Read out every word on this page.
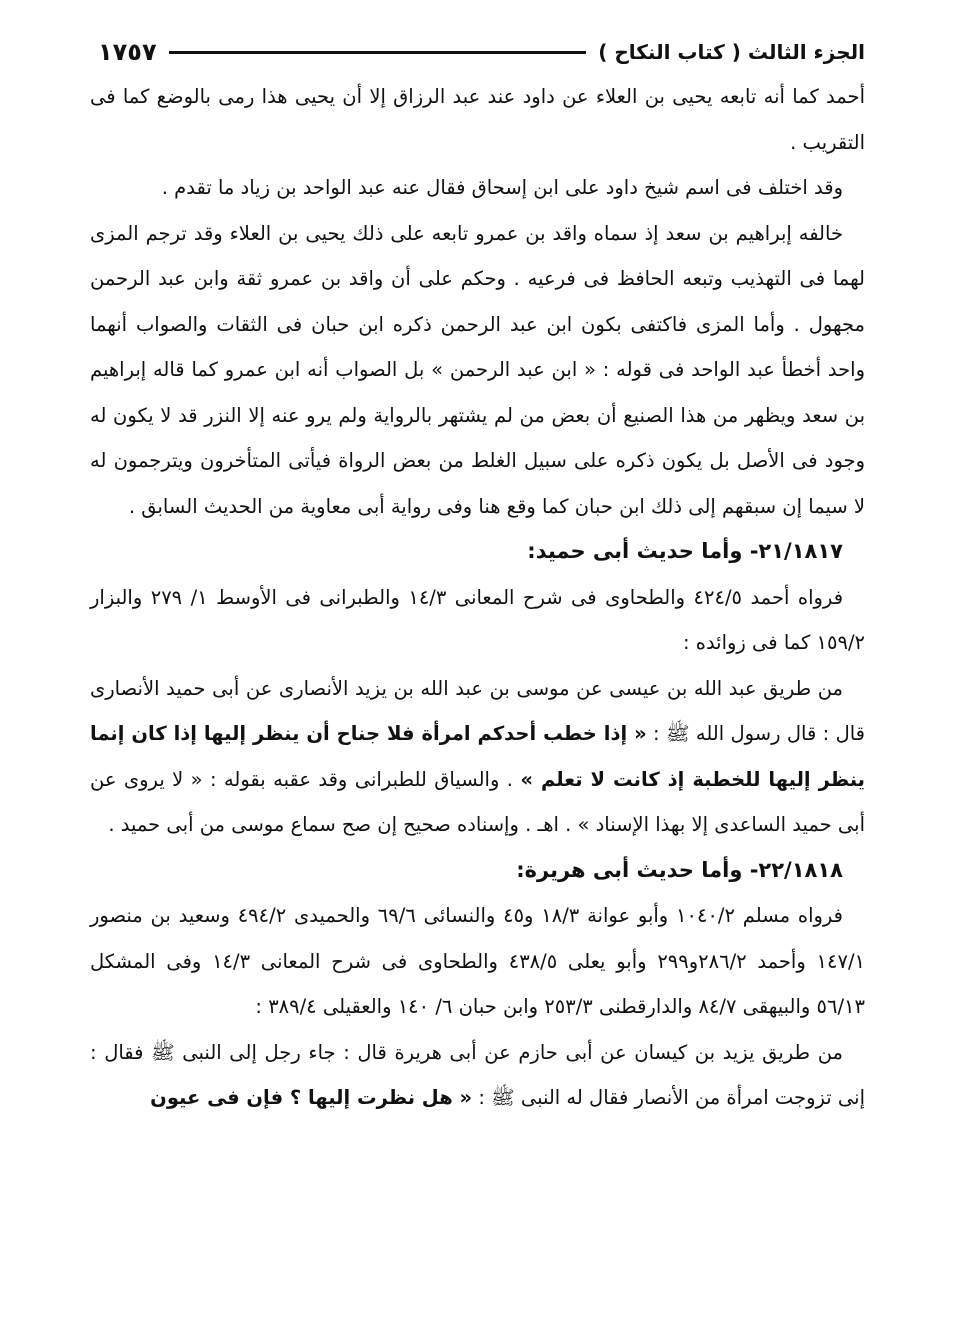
الجزء الثالث ( كتاب النكاح )
١٧٥٧

أحمد كما أنه تابعه يحيى بن العلاء عن داود عند عبد الرزاق إلا أن يحيى هذا رمى بالوضع كما فى التقريب .

وقد اختلف فى اسم شيخ داود على ابن إسحاق فقال عنه عبد الواحد بن زياد ما تقدم .

خالفه إبراهيم بن سعد إذ سماه واقد بن عمرو تابعه على ذلك يحيى بن العلاء وقد ترجم المزى لهما فى التهذيب وتبعه الحافظ فى فرعيه . وحكم على أن واقد بن عمرو ثقة وابن عبد الرحمن مجهول . وأما المزى فاكتفى بكون ابن عبد الرحمن ذكره ابن حبان فى الثقات والصواب أنهما واحد أخطأ عبد الواحد فى قوله : « ابن عبد الرحمن » بل الصواب أنه ابن عمرو كما قاله إبراهيم بن سعد ويظهر من هذا الصنيع أن بعض من لم يشتهر بالرواية ولم يرو عنه إلا النزر قد لا يكون له وجود فى الأصل بل يكون ذكره على سبيل الغلط من بعض الرواة فيأتى المتأخرون ويترجمون له لا سيما إن سبقهم إلى ذلك ابن حبان كما وقع هنا وفى رواية أبى معاوية من الحديث السابق .

٢١/١٨١٧- وأما حديث أبى حميد:

فرواه أحمد ٤٢٤/٥ والطحاوى فى شرح المعانى ١٤/٣ والطبرانى فى الأوسط ١/ ٢٧٩ والبزار ١٥٩/٢ كما فى زوائده :

من طريق عبد الله بن عيسى عن موسى بن عبد الله بن يزيد الأنصارى عن أبى حميد الأنصارى قال : قال رسول الله ﷺ : « إذا خطب أحدكم امرأة فلا جناح أن ينظر إليها إذا كان إنما ينظر إليها للخطبة إذ كانت لا تعلم » . والسياق للطبرانى وقد عقبه بقوله : « لا يروى عن أبى حميد الساعدى إلا بهذا الإسناد » . اهـ . وإسناده صحيح إن صح سماع موسى من أبى حميد .

٢٢/١٨١٨- وأما حديث أبى هريرة:

فرواه مسلم ١٠٤٠/٢ وأبو عوانة ١٨/٣ و٤٥ والنسائى ٦٩/٦ والحميدى ٤٩٤/٢ وسعيد بن منصور ١٤٧/١ وأحمد ٢٨٦/٢و٢٩٩ وأبو يعلى ٤٣٨/٥ والطحاوى فى شرح المعانى ١٤/٣ وفى المشكل ٥٦/١٣ والبيهقى ٨٤/٧ والدارقطنى ٢٥٣/٣ وابن حبان ٦/ ١٤٠ والعقيلى ٣٨٩/٤ :

من طريق يزيد بن كيسان عن أبى حازم عن أبى هريرة قال : جاء رجل إلى النبى ﷺ فقال : إنى تزوجت امرأة من الأنصار فقال له النبى ﷺ : « هل نظرت إليها ؟ فإن فى عيون
